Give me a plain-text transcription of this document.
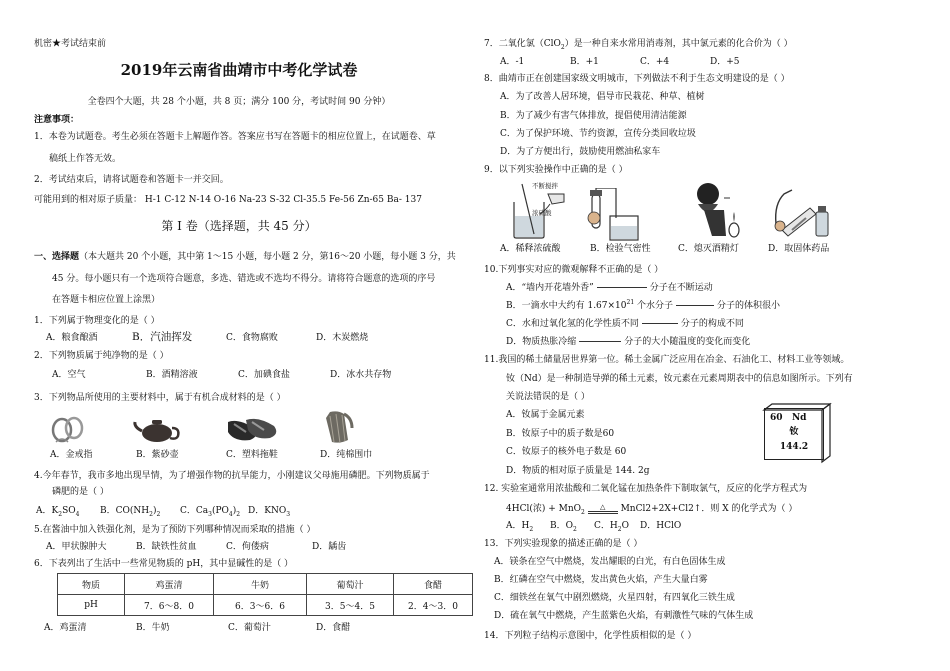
机密★考试结束前
2019年云南省曲靖市中考化学试卷
全卷四个大题，共 28 个小题，共 8 页；满分 100 分，考试时间 90 分钟）
注意事项：
1．本卷为试题卷。考生必须在答题卡上解题作答。答案应书写在答题卡的相应位置上，在试题卷、草
稿纸上作答无效。
2．考试结束后，请将试题卷和答题卡一并交回。
可能用到的相对原子质量： H-1 C-12 N-14 O-16 Na-23 S-32 Cl-35.5 Fe-56 Zn-65 Ba- 137
第 I 卷（选择题，共 45 分）
一、选择题（本大题共 20 个小题，其中第 1～15 小题，每小题 2 分，第16～20 小题，每小题 3 分，共
45 分。每小题只有一个选项符合题意，多选、错选或不选均不得分。请将符合题意的选项的序号
在答题卡相应位置上涂黑）
1．下列属于物理变化的是（ ）
A．粮食酿酒	B．汽油挥发	C．食物腐败	D．木炭燃烧
2．下列物质属于纯净物的是（ ）
A．空气	B．酒精溶液	C．加碘食盐	D．冰水共存物
3．下列物品所使用的主要材料中，属于有机合成材料的是（ ）
A．金戒指	B．紫砂壶	C．塑料拖鞋	D．纯棉围巾
4.今年春节，我市多地出现旱情，为了增强作物的抗旱能力，小刚建议父母施用磷肥。下列物质属于
磷肥的是（ ）
A．$K_2SO_4$ B．$CO(NH_2)_2$ C．$Ca_3(PO_4)_2$ D．$KNO_3$
5.在酱油中加入铁强化剂，是为了预防下列哪种情况而采取的措施（ ）
A．甲状腺肿大	B．缺铁性贫血	C．佝偻病	D．龋齿
6．下表列出了生活中一些常见物质的 pH，其中显碱性的是（ ）
物质	鸡蛋清	牛奶	葡萄汁	食醋
pH	7．6～8．0	6．3～6．6	3．5～4．5	2．4～3．0
A．鸡蛋清	B．牛奶	C．葡萄汁	D．食醋
7．二氧化氯（ClO$_2$）是一种自来水常用消毒剂，其中氯元素的化合价为（ ）
A．-1	B．+1	C．+4	D．+5
8．曲靖市正在创建国家级文明城市，下列做法不利于生态文明建设的是（ ）
A．为了改善人居环境，倡导市民栽花、种草、植树
B．为了减少有害气体排放，提倡使用清洁能源
C．为了保护环境、节约资源，宣传分类回收垃圾
D．为了方便出行，鼓励使用燃油私家车
9．以下列实验操作中正确的是（ ）
不断搅拌
浓硫酸
A．稀释浓硫酸	B．检验气密性	C．熄灭酒精灯	D．取固体药品
10.下列事实对应的微观解释不正确的是（ ）
A．“墙内开花墙外香”	分子在不断运动
B．一滴水中大约有 $1.67\times 10^{21}$ 个水分子	分子的体积很小
C．水和过氧化氢的化学性质不同	分子的构成不同
D．物质热胀冷缩	分子的大小随温度的变化而变化
11.我国的稀土储量居世界第一位。稀土金属广泛应用在冶金、石油化工、材料工业等领域。
钕（Nd）是一种制造导弹的稀土元素，钕元素在元素周期表中的信息如图所示。下列有
关说法错误的是（ ）
A．钕属于金属元素
B．钕原子中的质子数是60
C．钕原子的核外电子数是 60
D．物质的相对原子质量是 144. 2g
60 Nd
钕
144.2
12. 实验室通常用浓盐酸和二氧化锰在加热条件下制取氯气，反应的化学方程式为
4HCl(浓) + MnO$_2$ △ MnCl2+2X+Cl2↑．则 X 的化学式为（ ）
A．$H_2$ B．$O_2$ C．$H_2O$ D．HClO
13．下列实验现象的描述正确的是（ ）
A．镁条在空气中燃烧，发出耀眼的白光，有白色固体生成
B．红磷在空气中燃烧，发出黄色火焰，产生大量白雾
C．细铁丝在氧气中剧烈燃烧，火星四射，有四氧化三铁生成
D．硫在氧气中燃烧，产生蓝紫色火焰，有刺激性气味的气体生成
14．下列粒子结构示意图中，化学性质相似的是（ ）
